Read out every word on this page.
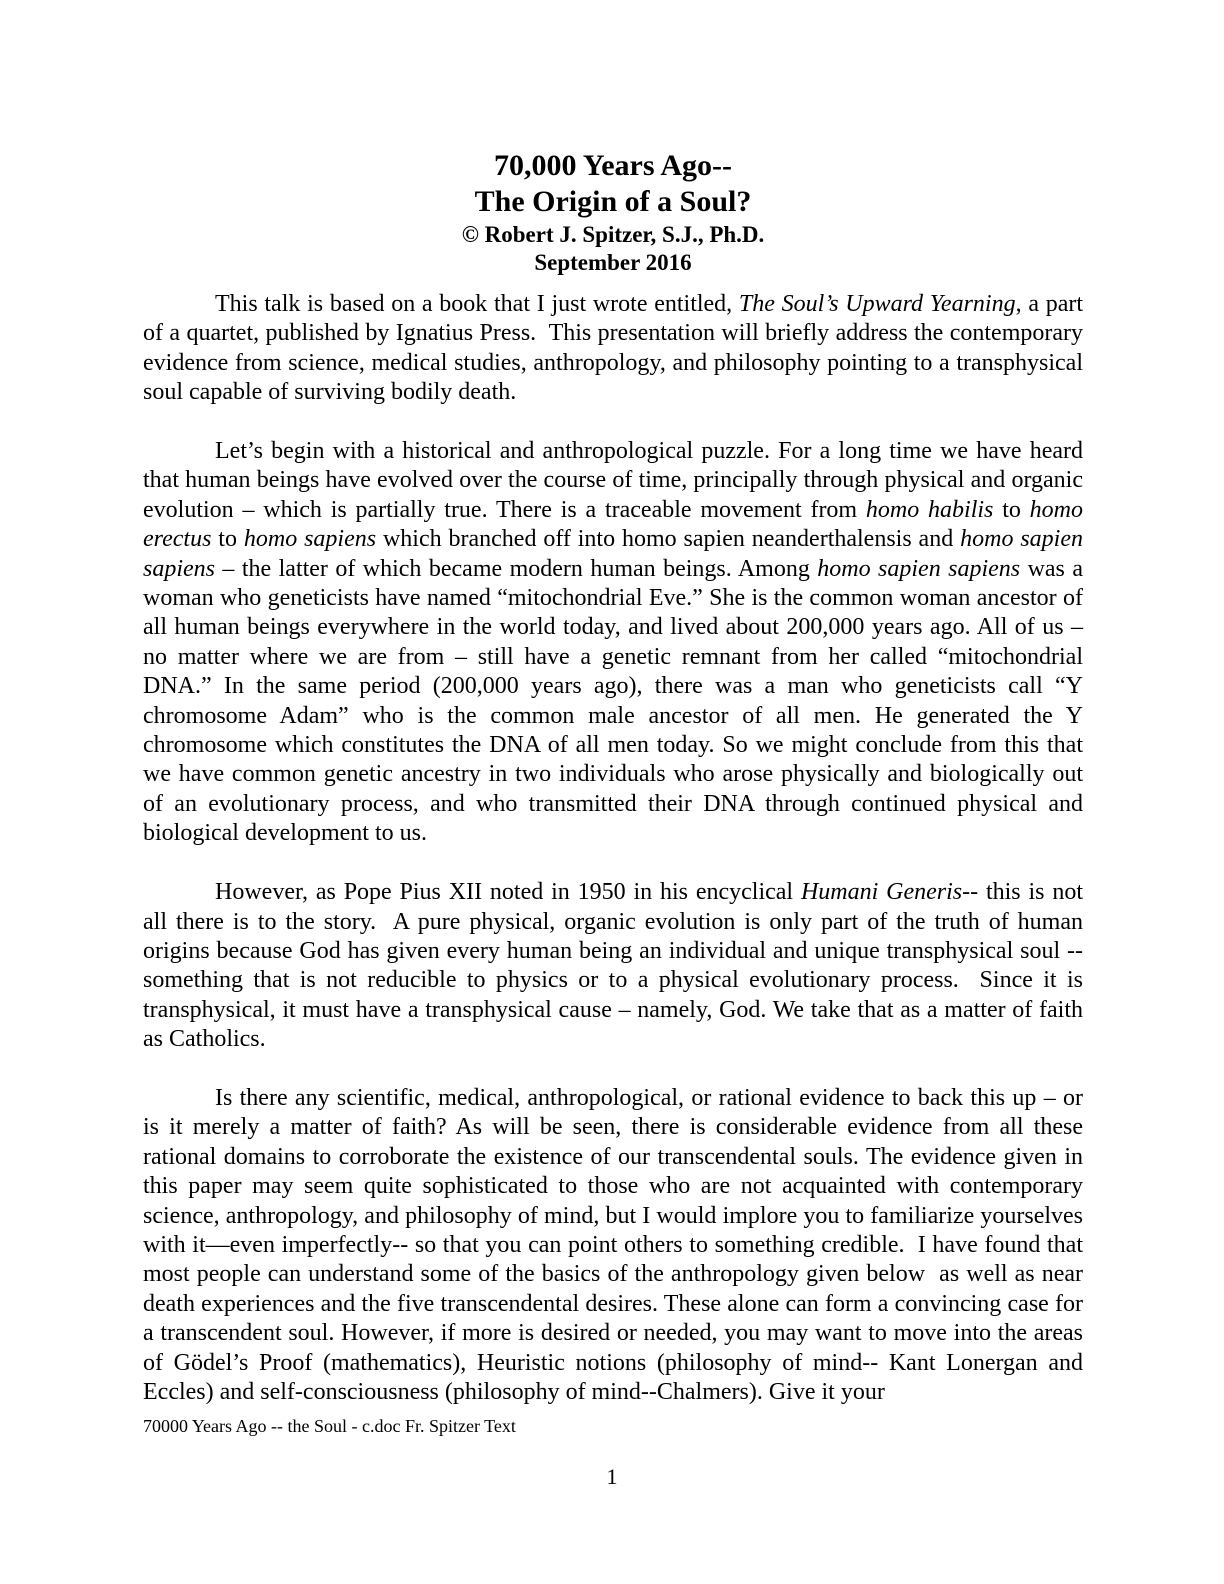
70,000 Years Ago--
The Origin of a Soul?
© Robert J. Spitzer, S.J., Ph.D.
September 2016

This talk is based on a book that I just wrote entitled, The Soul’s Upward Yearning, a part of a quartet, published by Ignatius Press.  This presentation will briefly address the contemporary evidence from science, medical studies, anthropology, and philosophy pointing to a transphysical soul capable of surviving bodily death.

Let’s begin with a historical and anthropological puzzle. For a long time we have heard that human beings have evolved over the course of time, principally through physical and organic evolution – which is partially true. There is a traceable movement from homo habilis to homo erectus to homo sapiens which branched off into homo sapien neanderthalensis and homo sapien sapiens – the latter of which became modern human beings. Among homo sapien sapiens was a woman who geneticists have named “mitochondrial Eve.” She is the common woman ancestor of all human beings everywhere in the world today, and lived about 200,000 years ago. All of us – no matter where we are from – still have a genetic remnant from her called “mitochondrial DNA.” In the same period (200,000 years ago), there was a man who geneticists call “Y chromosome Adam” who is the common male ancestor of all men. He generated the Y chromosome which constitutes the DNA of all men today. So we might conclude from this that we have common genetic ancestry in two individuals who arose physically and biologically out of an evolutionary process, and who transmitted their DNA through continued physical and biological development to us.

However, as Pope Pius XII noted in 1950 in his encyclical Humani Generis-- this is not all there is to the story.  A pure physical, organic evolution is only part of the truth of human origins because God has given every human being an individual and unique transphysical soul -- something that is not reducible to physics or to a physical evolutionary process.  Since it is transphysical, it must have a transphysical cause – namely, God. We take that as a matter of faith as Catholics.

Is there any scientific, medical, anthropological, or rational evidence to back this up – or is it merely a matter of faith? As will be seen, there is considerable evidence from all these rational domains to corroborate the existence of our transcendental souls. The evidence given in this paper may seem quite sophisticated to those who are not acquainted with contemporary science, anthropology, and philosophy of mind, but I would implore you to familiarize yourselves with it—even imperfectly-- so that you can point others to something credible.  I have found that most people can understand some of the basics of the anthropology given below  as well as near death experiences and the five transcendental desires. These alone can form a convincing case for a transcendent soul. However, if more is desired or needed, you may want to move into the areas of Gödel’s Proof (mathematics), Heuristic notions (philosophy of mind-- Kant Lonergan and Eccles) and self-consciousness (philosophy of mind--Chalmers). Give it your

70000 Years Ago -- the Soul - c.doc Fr. Spitzer Text
1
